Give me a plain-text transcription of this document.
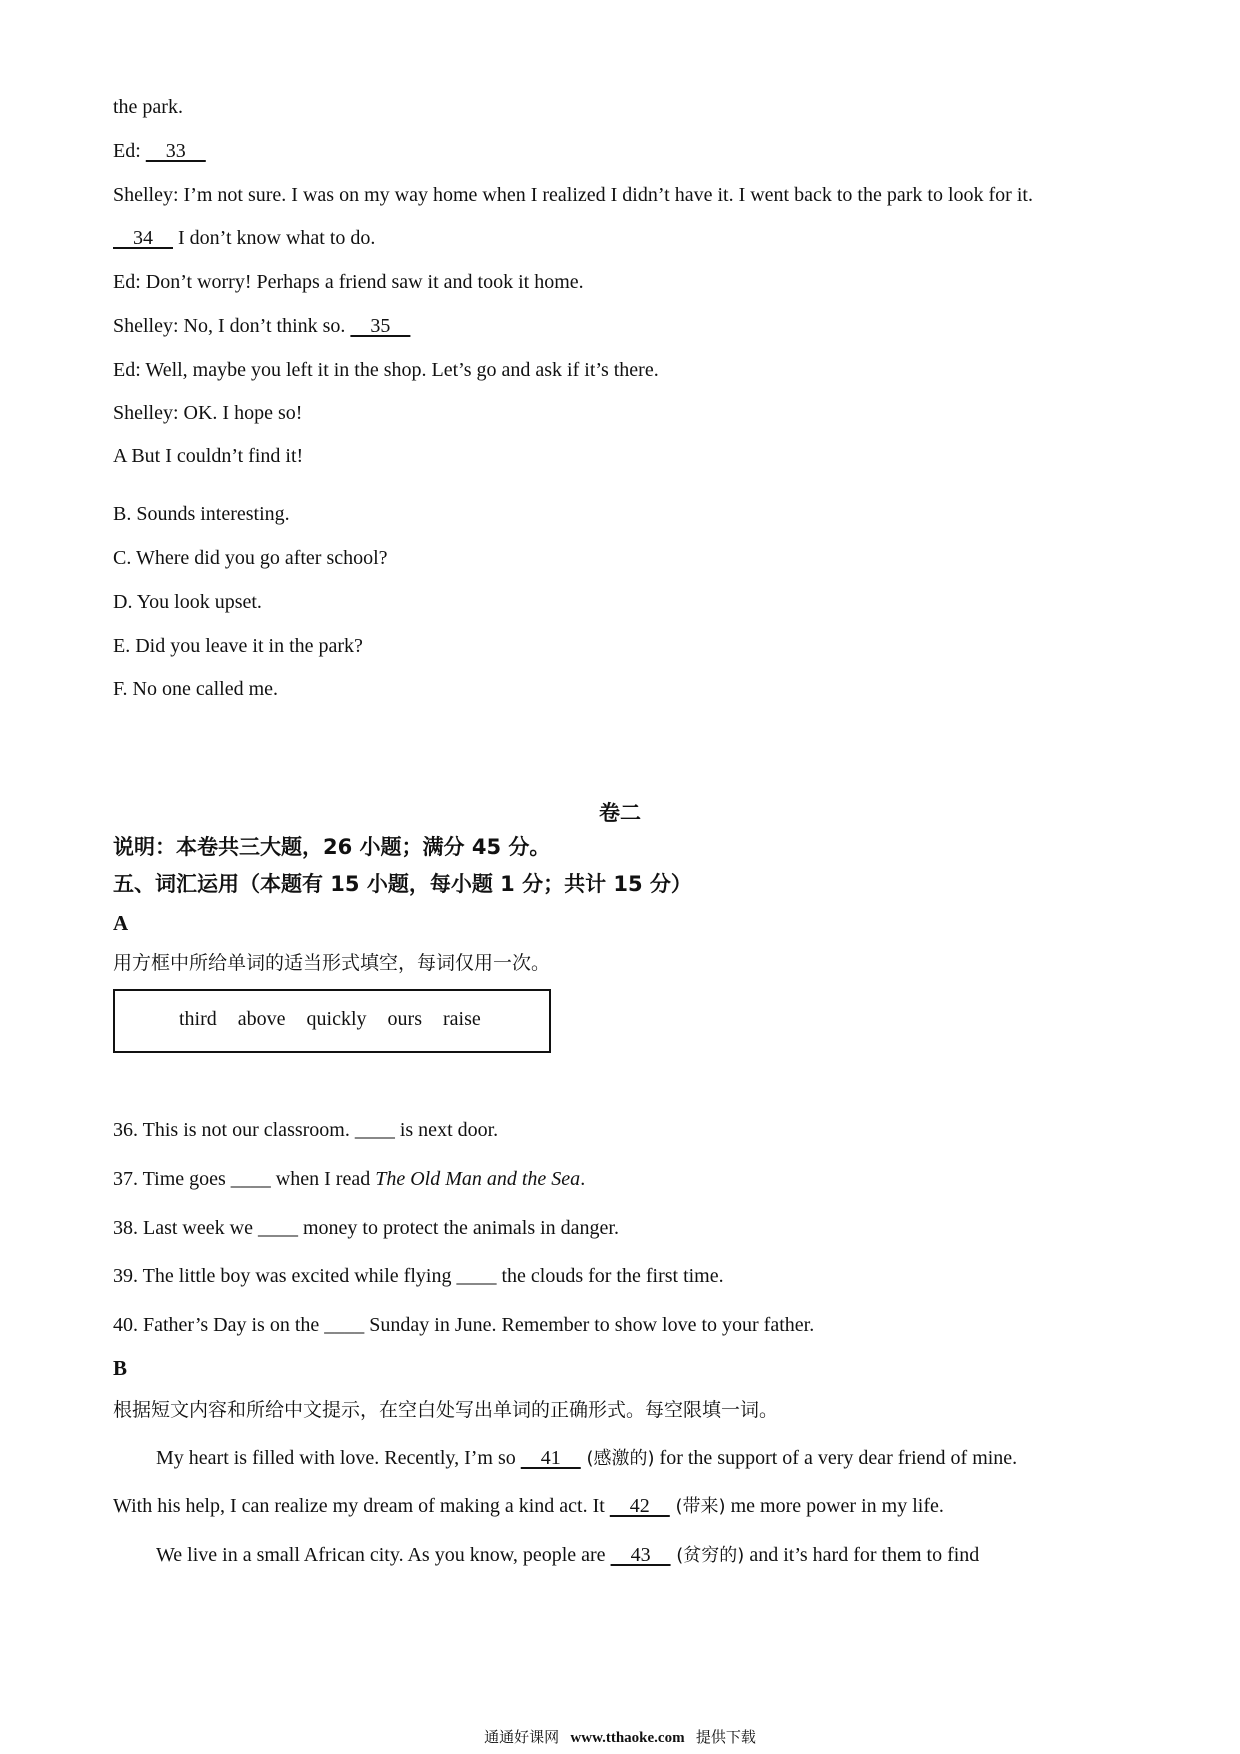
the park.
Ed:     33
Shelley: I’m not sure. I was on my way home when I realized I didn’t have it. I went back to the park to look for it.
34     I don’t know what to do.
Ed: Don’t worry! Perhaps a friend saw it and took it home.
Shelley: No, I don’t think so.     35
Ed: Well, maybe you left it in the shop. Let’s go and ask if it’s there.
Shelley: OK. I hope so!
A But I couldn’t find it!
B. Sounds interesting.
C. Where did you go after school?
D. You look upset.
E. Did you leave it in the park?
F. No one called me.
卷二
说明：本卷共三大题，26 小题；满分 45 分。
五、词汇运用（本题有 15 小题，每小题 1 分；共计 15 分）
A
用方框中所给单词的适当形式填空，每词仅用一次。
third above quickly ours raise
36. This is not our classroom. ____ is next door.
37. Time goes ____ when I read The Old Man and the Sea.
38. Last week we ____ money to protect the animals in danger.
39. The little boy was excited while flying ____ the clouds for the first time.
40. Father’s Day is on the ____ Sunday in June. Remember to show love to your father.
B
根据短文内容和所给中文提示，在空白处写出单词的正确形式。每空限填一词。
My heart is filled with love. Recently, I’m so     41     (感激的) for the support of a very dear friend of mine.
With his help, I can realize my dream of making a kind act. It     42     (带来) me more power in my life.
We live in a small African city. As you know, people are     43     (贫穷的) and it’s hard for them to find
通通好课网 www.tthaoke.com 提供下载
